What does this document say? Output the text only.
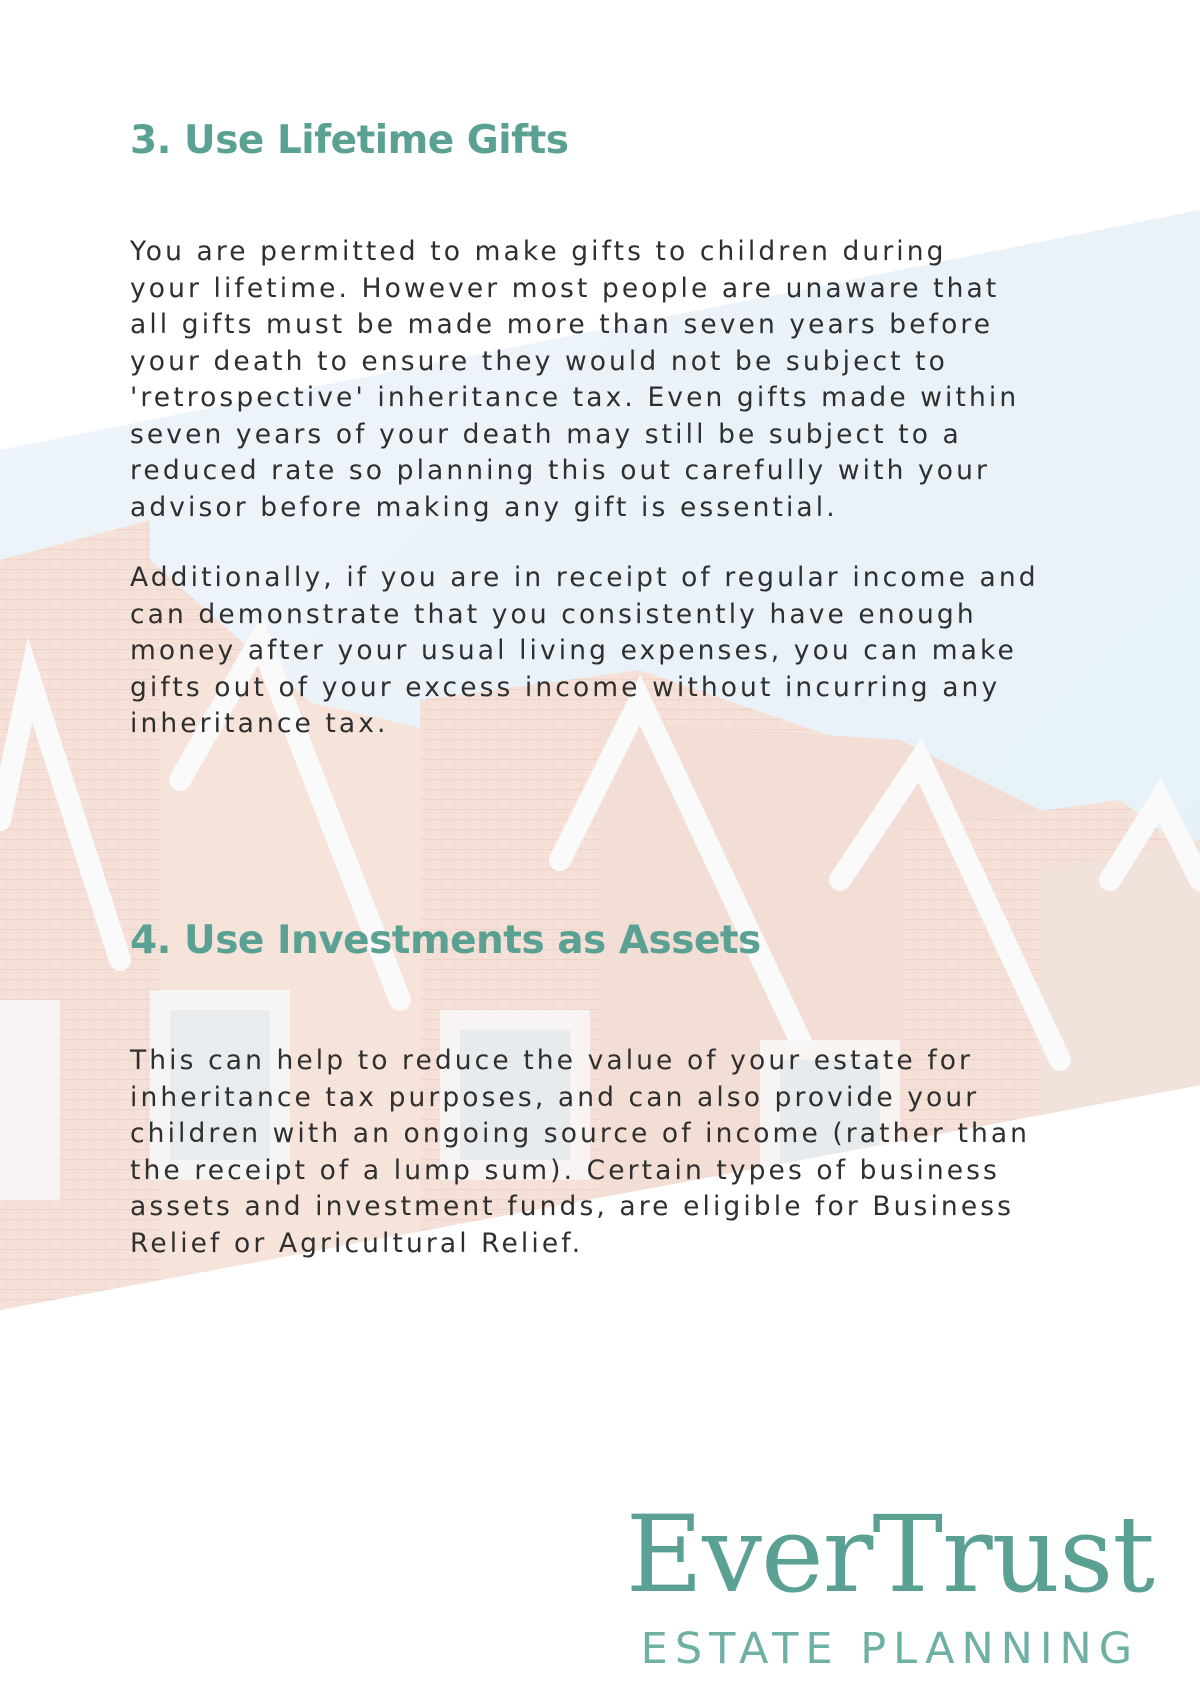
3. Use Lifetime Gifts

You are permitted to make gifts to children during
your lifetime. However most people are unaware that
all gifts must be made more than seven years before
your death to ensure they would not be subject to
'retrospective' inheritance tax. Even gifts made within
seven years of your death may still be subject to a
reduced rate so planning this out carefully with your
advisor before making any gift is essential.

Additionally, if you are in receipt of regular income and
can demonstrate that you consistently have enough
money after your usual living expenses, you can make
gifts out of your excess income without incurring any
inheritance tax.

4. Use Investments as Assets

This can help to reduce the value of your estate for
inheritance tax purposes, and can also provide your
children with an ongoing source of income (rather than
the receipt of a lump sum). Certain types of business
assets and investment funds, are eligible for Business
Relief or Agricultural Relief.

EverTrust
ESTATE PLANNING
